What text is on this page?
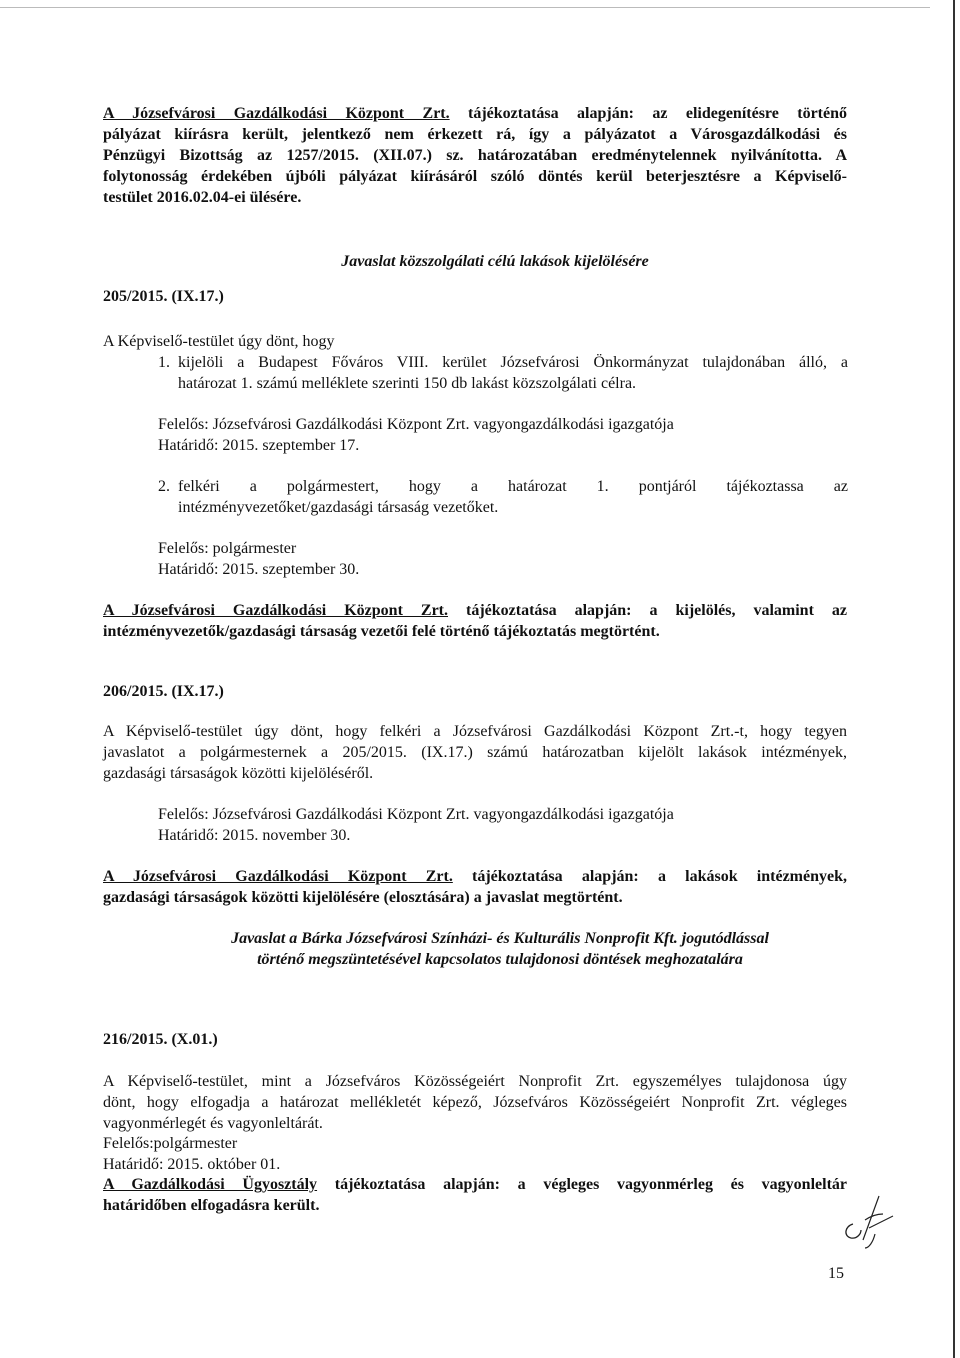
A Józsefvárosi Gazdálkodási Központ Zrt. tájékoztatása alapján: az elidegenítésre történő
pályázat kiírásra került, jelentkező nem érkezett rá, így a pályázatot a Városgazdálkodási és
Pénzügyi Bizottság az 1257/2015. (XII.07.) sz. határozatában eredménytelennek nyilvánította. A
folytonosság érdekében újbóli pályázat kiírásáról szóló döntés kerül beterjesztésre a Képviselő-
testület 2016.02.04-ei ülésére.
Javaslat közszolgálati célú lakások kijelölésére
205/2015. (IX.17.)
A Képviselő-testület úgy dönt, hogy
1. kijelöli a Budapest Főváros VIII. kerület Józsefvárosi Önkormányzat tulajdonában álló, a
határozat 1. számú melléklete szerinti 150 db lakást közszolgálati célra.
Felelős: Józsefvárosi Gazdálkodási Központ Zrt. vagyongazdálkodási igazgatója
Határidő: 2015. szeptember 17.
2. felkéri a polgármestert, hogy a határozat 1. pontjáról tájékoztassa az
intézményvezetőket/gazdasági társaság vezetőket.
Felelős: polgármester
Határidő: 2015. szeptember 30.
A Józsefvárosi Gazdálkodási Központ Zrt. tájékoztatása alapján: a kijelölés, valamint az
intézményvezetők/gazdasági társaság vezetői felé történő tájékoztatás megtörtént.
206/2015. (IX.17.)
A Képviselő-testület úgy dönt, hogy felkéri a Józsefvárosi Gazdálkodási Központ Zrt.-t, hogy tegyen
javaslatot a polgármesternek a 205/2015. (IX.17.) számú határozatban kijelölt lakások intézmények,
gazdasági társaságok közötti kijelöléséről.
Felelős: Józsefvárosi Gazdálkodási Központ Zrt. vagyongazdálkodási igazgatója
Határidő: 2015. november 30.
A Józsefvárosi Gazdálkodási Központ Zrt. tájékoztatása alapján: a lakások intézmények,
gazdasági társaságok közötti kijelölésére (elosztására) a javaslat megtörtént.
Javaslat a Bárka Józsefvárosi Színházi- és Kulturális Nonprofit Kft. jogutódlással
történő megszüntetésével kapcsolatos tulajdonosi döntések meghozatalára
216/2015. (X.01.)
A Képviselő-testület, mint a Józsefváros Közösségeiért Nonprofit Zrt. egyszemélyes tulajdonosa úgy
dönt, hogy elfogadja a határozat mellékletét képező, Józsefváros Közösségeiért Nonprofit Zrt. végleges
vagyonmérlegét és vagyonleltárát.
Felelős:polgármester
Határidő: 2015. október 01.
A Gazdálkodási Ügyosztály tájékoztatása alapján: a végleges vagyonmérleg és vagyonleltár
határidőben elfogadásra került.
15
